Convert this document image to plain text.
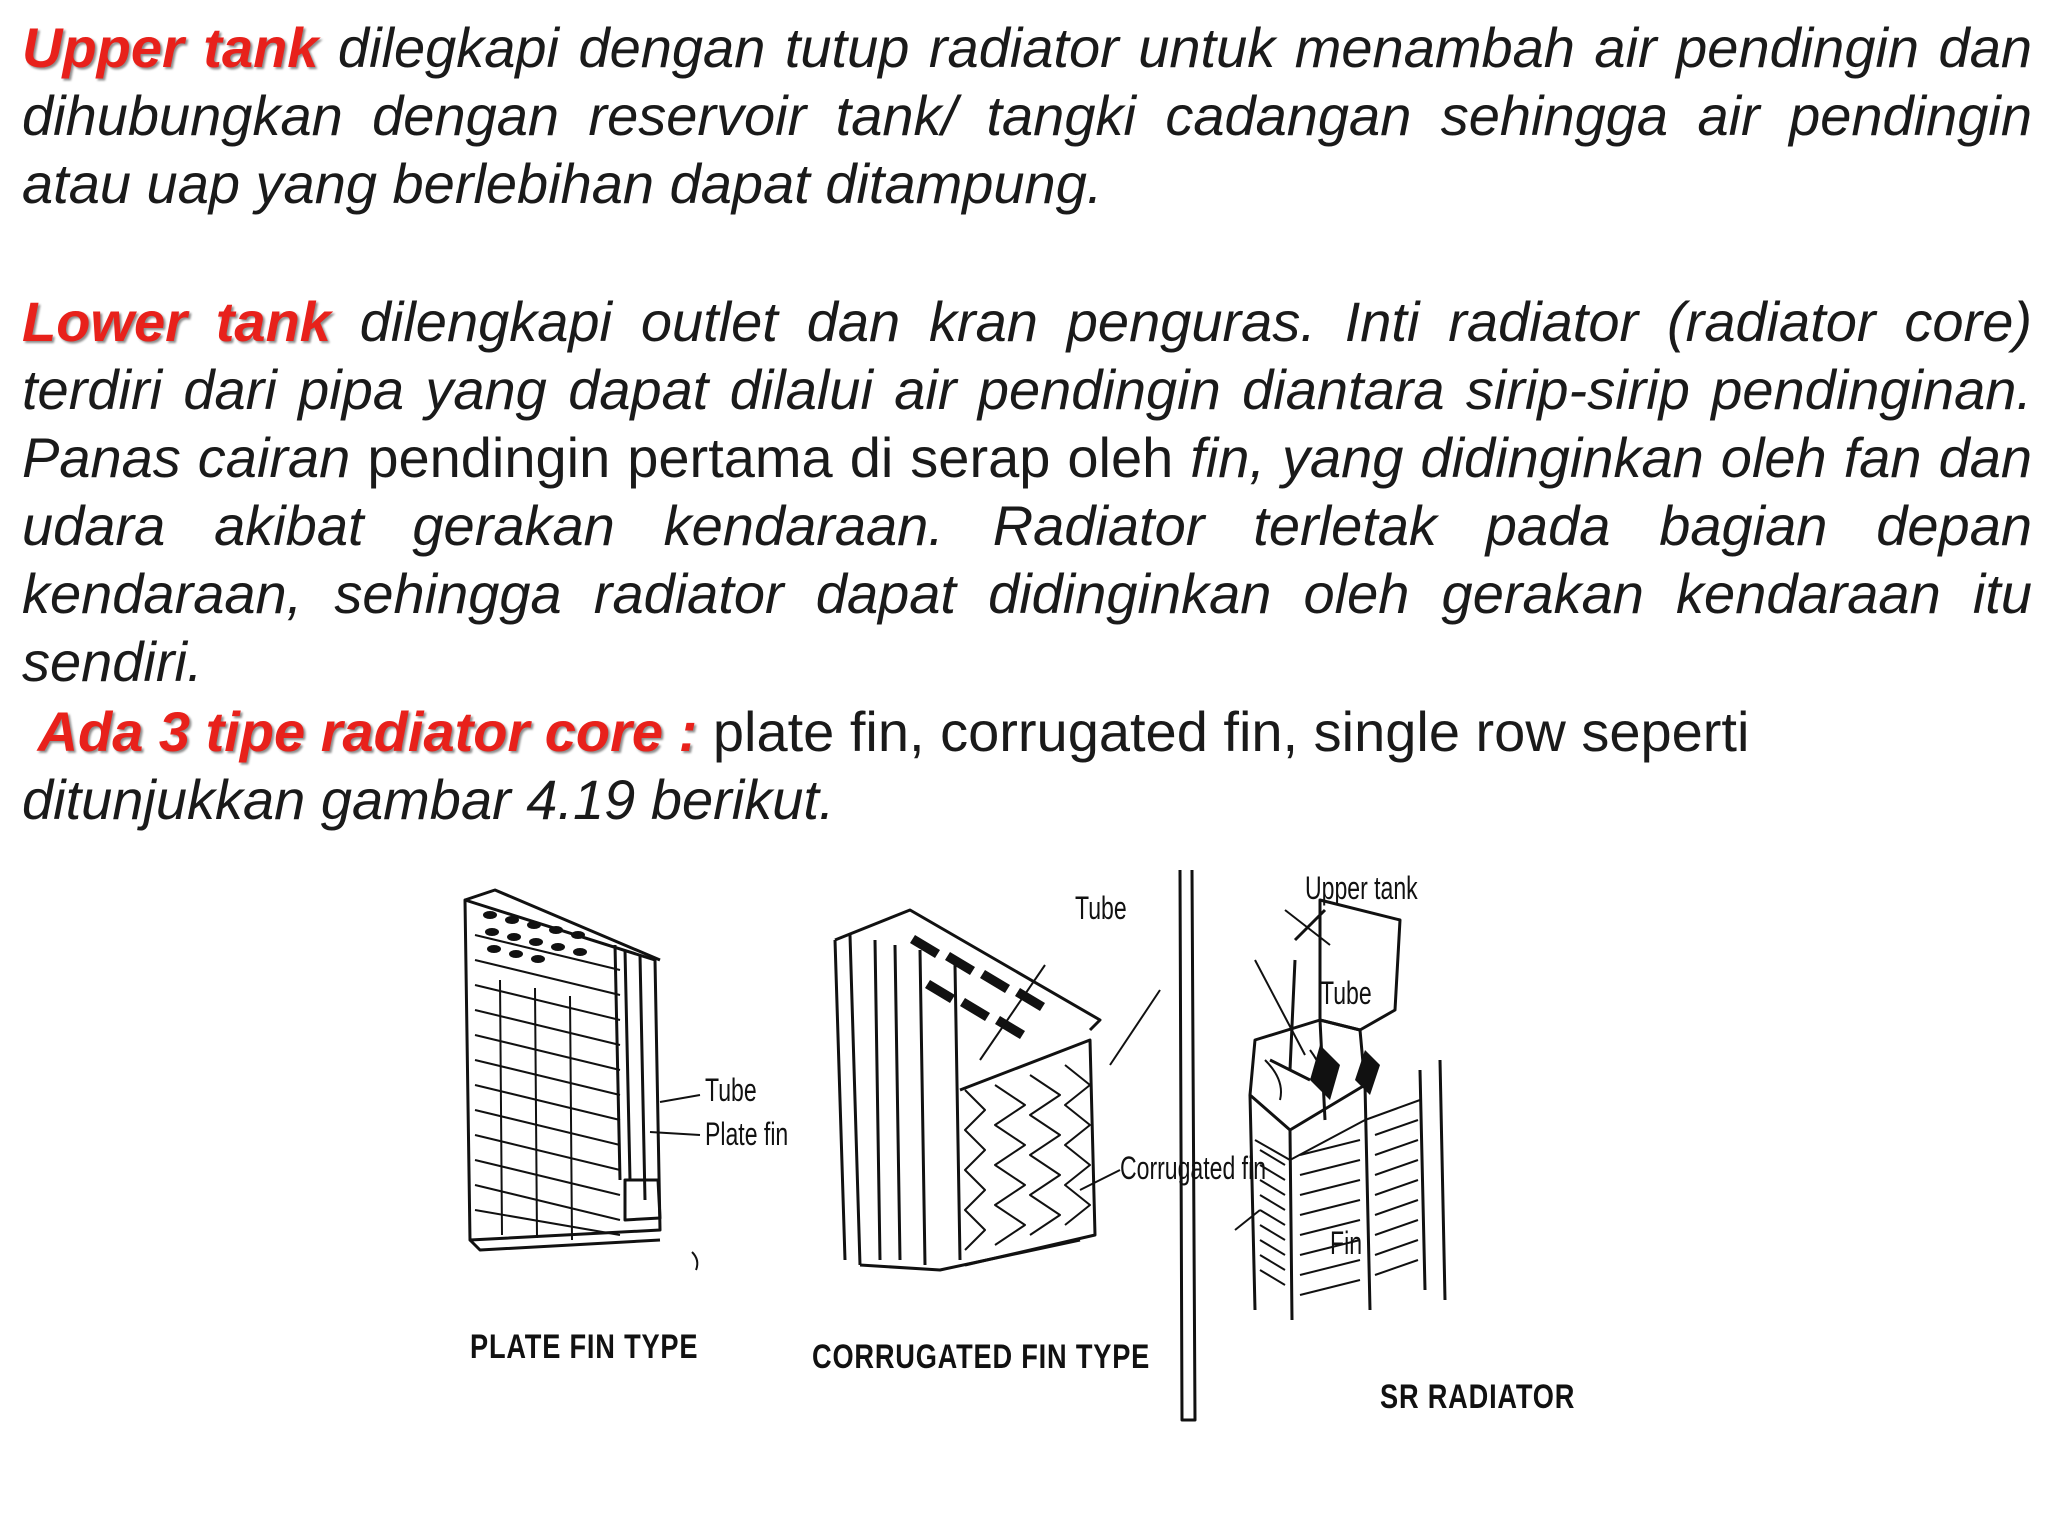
Upper tank dilegkapi dengan tutup radiator untuk menambah air pendingin dan dihubungkan dengan reservoir tank/ tangki cadangan sehingga air pendingin atau uap yang berlebihan dapat ditampung.

Lower tank dilengkapi outlet dan kran penguras. Inti radiator (radiator core) terdiri dari pipa yang dapat dilalui air pendingin diantara sirip-sirip pendinginan. Panas cairan pendingin pertama di serap oleh fin, yang didinginkan oleh fan dan udara akibat gerakan kendaraan. Radiator terletak pada bagian depan kendaraan, sehingga radiator dapat didinginkan oleh gerakan kendaraan itu sendiri.

Ada 3 tipe radiator core : plate fin, corrugated fin, single row seperti
ditunjukkan gambar 4.19 berikut.

Tube
Plate fin
PLATE FIN TYPE
Tube
Corrugated fin
CORRUGATED FIN TYPE
Upper tank
Tube
Fin
SR RADIATOR
